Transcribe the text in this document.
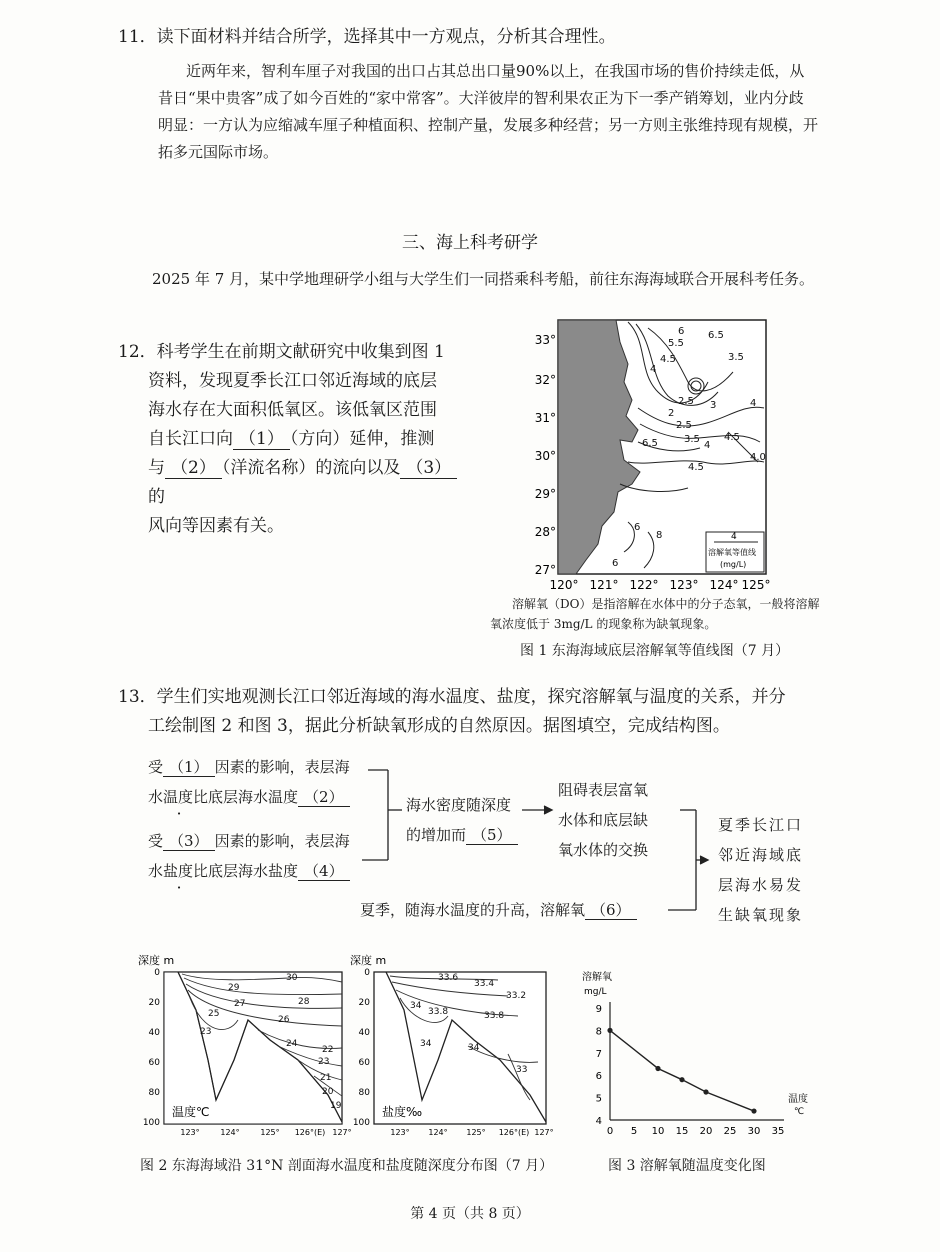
11．读下面材料并结合所学，选择其中一方观点，分析其合理性。
近两年来，智利车厘子对我国的出口占其总出口量90%以上，在我国市场的售价持续走低，从昔日“果中贵客”成了如今百姓的“家中常客”。大洋彼岸的智利果农正为下一季产销筹划，业内分歧明显：一方认为应缩减车厘子种植面积、控制产量，发展多种经营；另一方则主张维持现有规模，开拓多元国际市场。
三、海上科考研学
2025 年 7 月，某中学地理研学小组与大学生们一同搭乘科考船，前往东海海域联合开展科考任务。
12．科考学生在前期文献研究中收集到图 1
资料，发现夏季长江口邻近海域的底层
海水存在大面积低氧区。该低氧区范围
自长江口向 （1） （方向）延伸，推测
与 （2） （洋流名称）的流向以及 （3）的
风向等因素有关。
6
5.5
6.5
4
4.5	3.5
2.5
2
3
2.5
3.5
4
4.5
4.0
4
6.5
4.5
6
8
6
4
溶解氧等值线
(mg/L)
33°
32°
31°
30°
29°
28°
27°
120° 121° 122° 123° 124° 125°
溶解氧（DO）是指溶解在水体中的分子态氧，一般将溶解氧浓度低于 3mg/L 的现象称为缺氧现象。
图 1 东海海域底层溶解氧等值线图（7 月）
13．学生们实地观测长江口邻近海域的海水温度、盐度，探究溶解氧与温度的关系，并分
工绘制图 2 和图 3，据此分析缺氧形成的自然原因。据图填空，完成结构图。
受 （1） 因素的影响，表层海
水温度比底层海水温度 （2）
受 （3） 因素的影响，表层海
水盐度比底层海水盐度 （4）
海水密度随深度
的增加而 （5）
阻碍表层富氧
水体和底层缺
氧水体的交换
夏季，随海水温度的升高，溶解氧 （6）
夏季长江口
邻近海域底
层海水易发
生缺氧现象
深度 m
29
30
27	28
25
26
23
24
22
23
21
20
19
温度℃
0
20
40
60
80
100
123°	124°	125° 126°(E) 127°
深度 m
33.6
33.4
33.2
34
33.8	33.8
34	34
33
盐度‰
0
20
40
60
80
100
123° 124° 125° 126°(E) 127°
溶解氧
mg/L
温度
℃
0 5 10 15 20 25 30 35
4
5
6
7
8
9
图 2 东海海域沿 31°N 剖面海水温度和盐度随深度分布图（7 月）	图 3 溶解氧随温度变化图
第 4 页（共 8 页）
